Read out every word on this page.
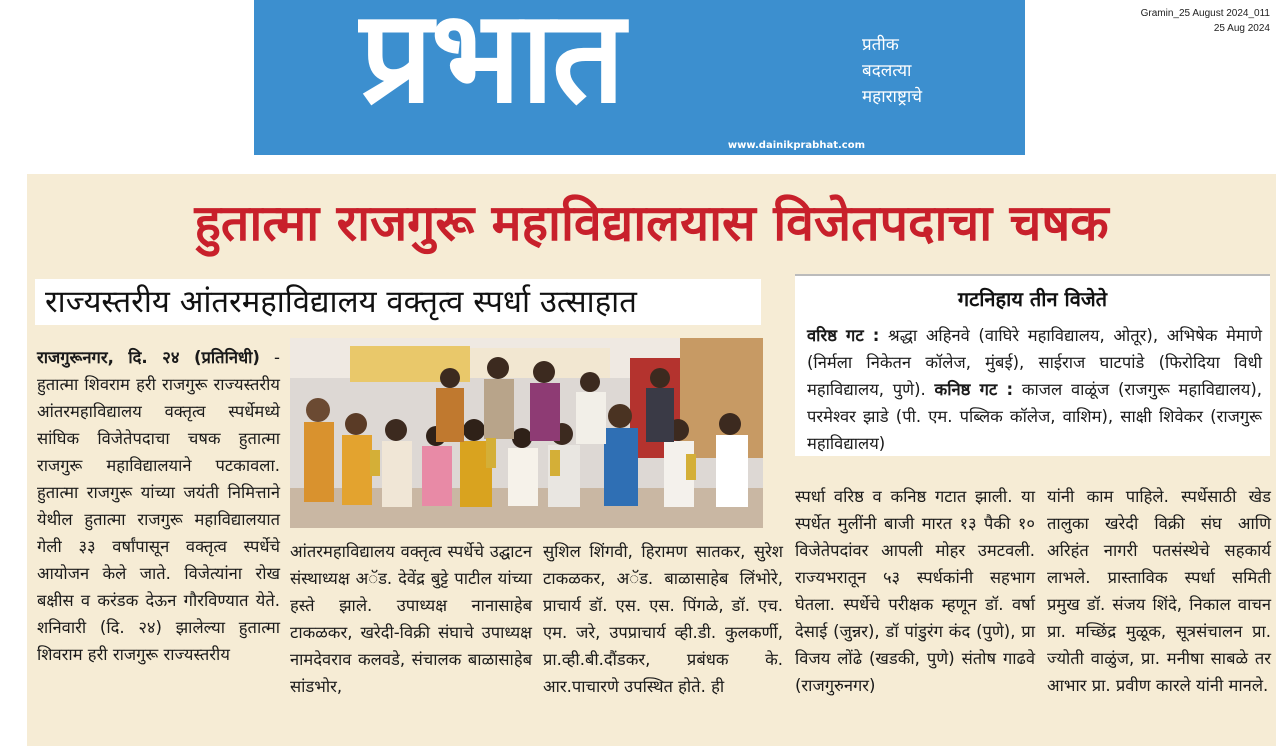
प्रभात	प्रतीक
बदलत्या
महाराष्ट्राचे
www.dainikprabhat.com
Gramin_25 August 2024_011
25 Aug 2024
हुतात्मा राजगुरू महाविद्यालयास विजेतपदाचा चषक
राज्यस्तरीय आंतरमहाविद्यालय वक्तृत्व स्पर्धा उत्साहात
राजगुरूनगर, दि. २४ (प्रतिनिधी) - हुतात्मा शिवराम हरी राजगुरू राज्यस्तरीय आंतरमहाविद्यालय वक्तृत्व स्पर्धेमध्ये सांघिक विजेतेपदाचा चषक हुतात्मा राजगुरू महाविद्यालयाने पटकावला. हुतात्मा राजगुरू यांच्या जयंती निमित्ताने येथील हुतात्मा राजगुरू महाविद्यालयात गेली ३३ वर्षांपासून वक्तृत्व स्पर्धेचे आयोजन केले जाते. विजेत्यांना रोख बक्षीस व करंडक देऊन गौरविण्यात येते. शनिवारी (दि. २४) झालेल्या हुतात्मा शिवराम हरी राजगुरू राज्यस्तरीय
गटनिहाय तीन विजेते

वरिष्ठ गट : श्रद्धा अहिनवे (वाघिरे महाविद्यालय, ओतूर), अभिषेक मेमाणे (निर्मला निकेतन कॉलेज, मुंबई), साईराज घाटपांडे (फिरोदिया विधी महाविद्यालय, पुणे). कनिष्ठ गट : काजल वाळूंज (राजगुरू महाविद्यालय), परमेश्वर झाडे (पी. एम. पब्लिक कॉलेज, वाशिम), साक्षी शिवेकर (राजगुरू महाविद्यालय)

आंतरमहाविद्यालय वक्तृत्व स्पर्धेचे उद्घाटन संस्थाध्यक्ष अॅड. देवेंद्र बुट्टे पाटील यांच्या हस्ते झाले. उपाध्यक्ष नानासाहेब टाकळकर, खरेदी-विक्री संघाचे उपाध्यक्ष नामदेवराव कलवडे, संचालक बाळासाहेब सांडभोर,
सुशिल शिंगवी, हिरामण सातकर, सुरेश टाकळकर, अॅड. बाळासाहेब लिंभोरे, प्राचार्य डॉ. एस. एस. पिंगळे, डॉ. एच. एम. जरे, उपप्राचार्य व्ही.डी. कुलकर्णी, प्रा.व्ही.बी.दौंडकर, प्रबंधक के. आर.पाचारणे उपस्थित होते. ही
स्पर्धा वरिष्ठ व कनिष्ठ गटात झाली. या स्पर्धेत मुलींनी बाजी मारत १३ पैकी १० विजेतेपदांवर आपली मोहर उमटवली. राज्यभरातून ५३ स्पर्धकांनी सहभाग घेतला. स्पर्धेचे परीक्षक म्हणून डॉ. वर्षा देसाई (जुन्नर), डॉ पांडुरंग कंद (पुणे), प्रा विजय लोंढे (खडकी, पुणे) संतोष गाढवे (राजगुरुनगर)
यांनी काम पाहिले. स्पर्धेसाठी खेड तालुका खरेदी विक्री संघ आणि अरिहंत नागरी पतसंस्थेचे सहकार्य लाभले. प्रास्ताविक स्पर्धा समिती प्रमुख डॉ. संजय शिंदे, निकाल वाचन प्रा. मच्छिंद्र मुळूक, सूत्रसंचालन प्रा. ज्योती वाळुंज, प्रा. मनीषा साबळे तर आभार प्रा. प्रवीण कारले यांनी मानले.
